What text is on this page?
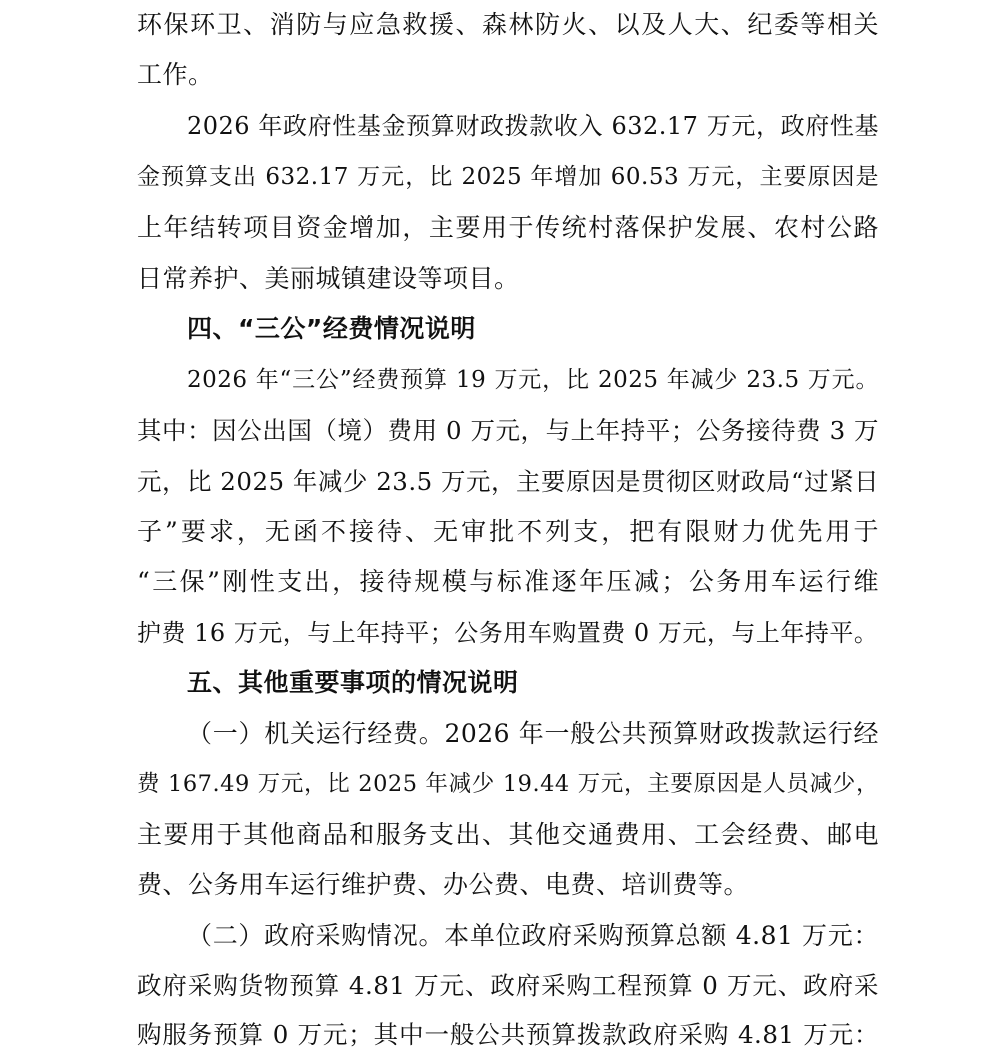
环保环卫、消防与应急救援、森林防火、以及人大、纪委等相关
工作。
2026 年政府性基金预算财政拨款收入 632.17 万元，政府性基
金预算支出 632.17 万元，比 2025 年增加 60.53 万元，主要原因是
上年结转项目资金增加，主要用于传统村落保护发展、农村公路
日常养护、美丽城镇建设等项目。
四、“三公”经费情况说明
2026 年“三公”经费预算 19 万元，比 2025 年减少 23.5 万元。
其中：因公出国（境）费用 0 万元，与上年持平；公务接待费 3 万
元，比 2025 年减少 23.5 万元，主要原因是贯彻区财政局“过紧日
子”要求，无函不接待、无审批不列支，把有限财力优先用于
“三保”刚性支出，接待规模与标准逐年压减；公务用车运行维
护费 16 万元，与上年持平；公务用车购置费 0 万元，与上年持平。
五、其他重要事项的情况说明
（一）机关运行经费。2026 年一般公共预算财政拨款运行经
费 167.49 万元，比 2025 年减少 19.44 万元，主要原因是人员减少，
主要用于其他商品和服务支出、其他交通费用、工会经费、邮电
费、公务用车运行维护费、办公费、电费、培训费等。
（二）政府采购情况。本单位政府采购预算总额 4.81 万元：
政府采购货物预算 4.81 万元、政府采购工程预算 0 万元、政府采
购服务预算 0 万元；其中一般公共预算拨款政府采购 4.81 万元：
